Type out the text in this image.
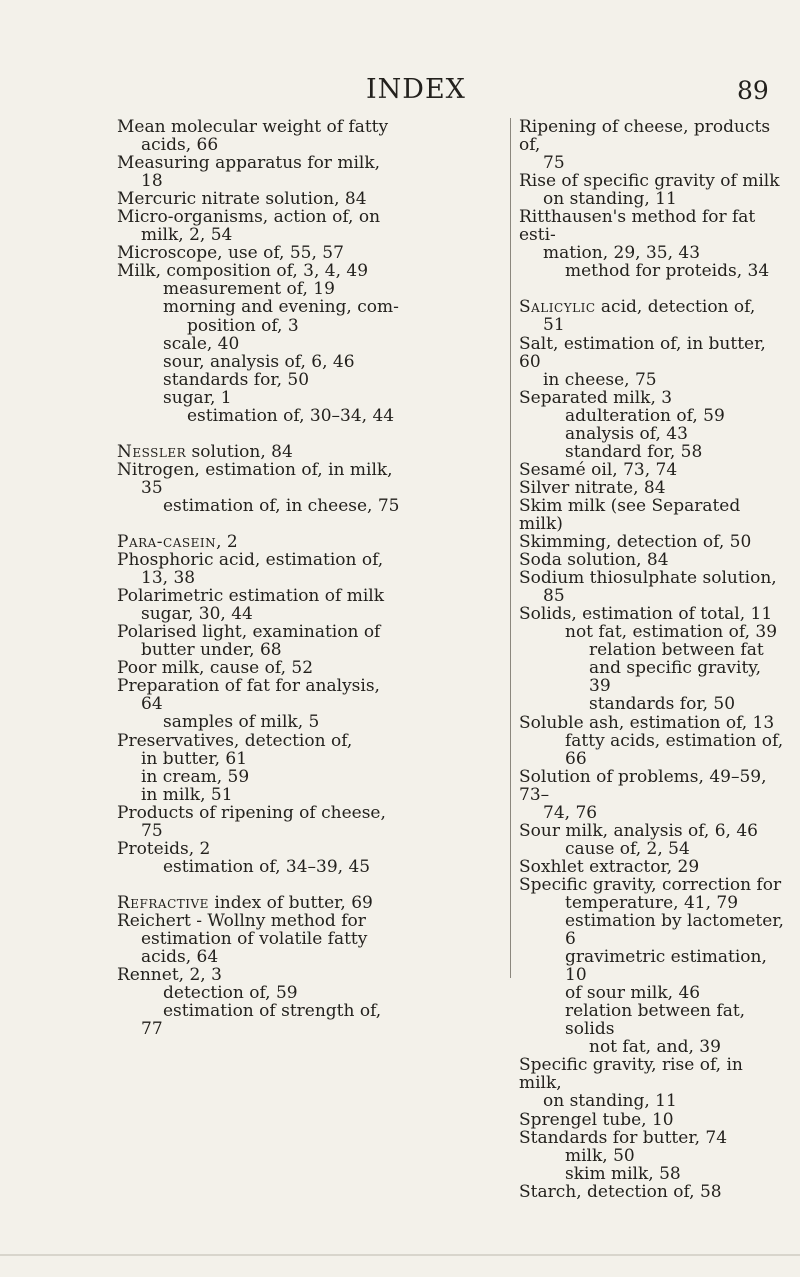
INDEX	89
Mean molecular weight of fatty
acids, 66
Measuring apparatus for milk,
18
Mercuric nitrate solution, 84
Micro-organisms, action of, on
milk, 2, 54
Microscope, use of, 55, 57
Milk, composition of, 3, 4, 49
measurement of, 19
morning and evening, com-
position of, 3
scale, 40
sour, analysis of, 6, 46
standards for, 50
sugar, 1
estimation of, 30–34, 44
Nessler solution, 84
Nitrogen, estimation of, in milk,
35
estimation of, in cheese, 75
Para-casein, 2
Phosphoric acid, estimation of,
13, 38
Polarimetric estimation of milk
sugar, 30, 44
Polarised light, examination of
butter under, 68
Poor milk, cause of, 52
Preparation of fat for analysis,
64
samples of milk, 5
Preservatives, detection of,
in butter, 61
in cream, 59
in milk, 51
Products of ripening of cheese,
75
Proteids, 2
estimation of, 34–39, 45
Refractive index of butter, 69
Reichert - Wollny method for
estimation of volatile fatty
acids, 64
Rennet, 2, 3
detection of, 59
estimation of strength of,
77
Ripening of cheese, products of,
75
Rise of specific gravity of milk
on standing, 11
Ritthausen's method for fat esti-
mation, 29, 35, 43
method for proteids, 34
Salicylic acid, detection of,
51
Salt, estimation of, in butter, 60
in cheese, 75
Separated milk, 3
adulteration of, 59
analysis of, 43
standard for, 58
Sesamé oil, 73, 74
Silver nitrate, 84
Skim milk (see Separated milk)
Skimming, detection of, 50
Soda solution, 84
Sodium thiosulphate solution,
85
Solids, estimation of total, 11
not fat, estimation of, 39
relation between fat
and specific gravity,
39
standards for, 50
Soluble ash, estimation of, 13
fatty acids, estimation of,
66
Solution of problems, 49–59, 73–
74, 76
Sour milk, analysis of, 6, 46
cause of, 2, 54
Soxhlet extractor, 29
Specific gravity, correction for
temperature, 41, 79
estimation by lactometer, 6
gravimetric estimation, 10
of sour milk, 46
relation between fat, solids
not fat, and, 39
Specific gravity, rise of, in milk,
on standing, 11
Sprengel tube, 10
Standards for butter, 74
milk, 50
skim milk, 58
Starch, detection of, 58
